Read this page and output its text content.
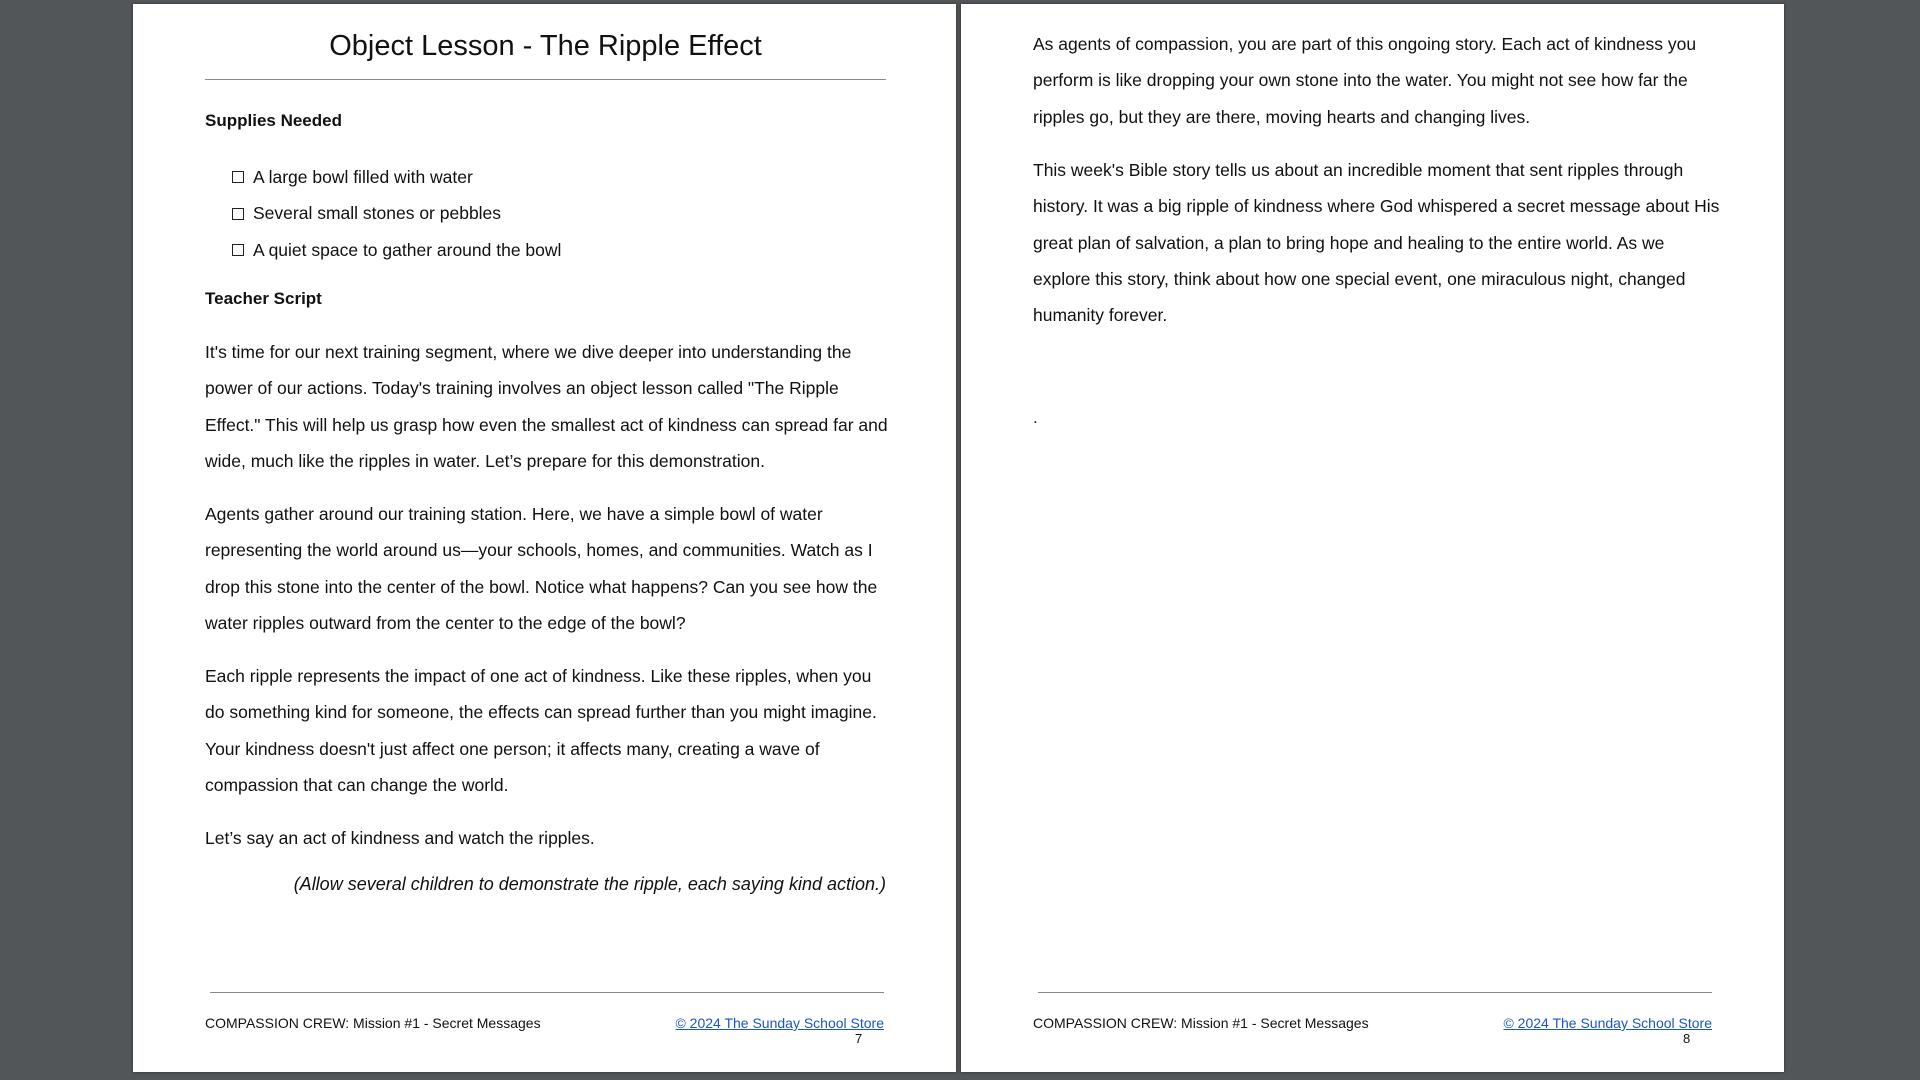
Object Lesson - The Ripple Effect
Supplies Needed
A large bowl filled with water
Several small stones or pebbles
A quiet space to gather around the bowl
Teacher Script

It's time for our next training segment, where we dive deeper into understanding the power of our actions. Today's training involves an object lesson called "The Ripple Effect." This will help us grasp how even the smallest act of kindness can spread far and wide, much like the ripples in water. Let’s prepare for this demonstration.

Agents gather around our training station. Here, we have a simple bowl of water representing the world around us—your schools, homes, and communities. Watch as I drop this stone into the center of the bowl. Notice what happens? Can you see how the water ripples outward from the center to the edge of the bowl?

Each ripple represents the impact of one act of kindness. Like these ripples, when you do something kind for someone, the effects can spread further than you might imagine. Your kindness doesn't just affect one person; it affects many, creating a wave of compassion that can change the world.

Let’s say an act of kindness and watch the ripples.

(Allow several children to demonstrate the ripple, each saying kind action.)
COMPASSION CREW: Mission #1 - Secret Messages	© 2024 The Sunday School Store
7

As agents of compassion, you are part of this ongoing story. Each act of kindness you perform is like dropping your own stone into the water. You might not see how far the ripples go, but they are there, moving hearts and changing lives.

This week's Bible story tells us about an incredible moment that sent ripples through history. It was a big ripple of kindness where God whispered a secret message about His great plan of salvation, a plan to bring hope and healing to the entire world. As we explore this story, think about how one special event, one miraculous night, changed humanity forever.

.
COMPASSION CREW: Mission #1 - Secret Messages	© 2024 The Sunday School Store
8
